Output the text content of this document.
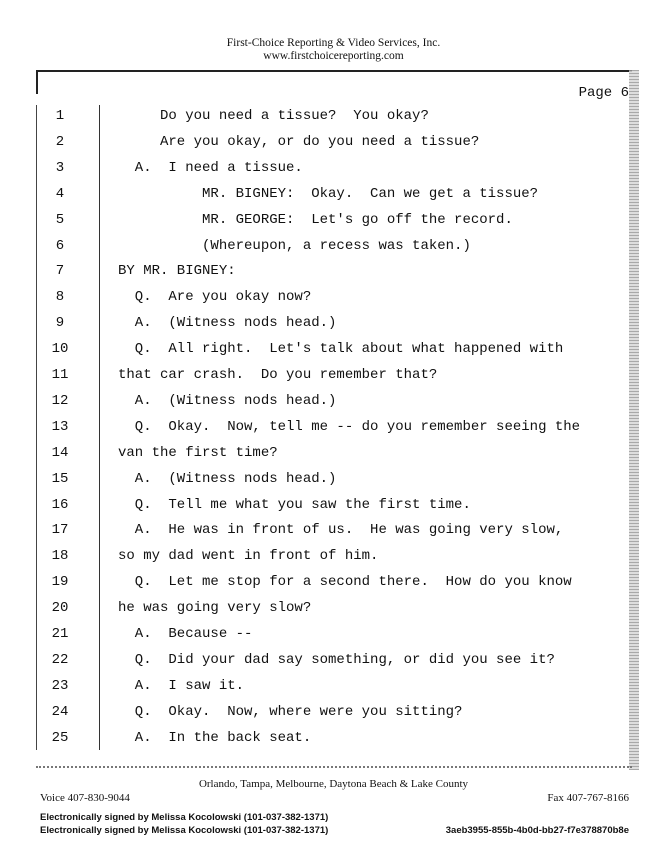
First-Choice Reporting & Video Services, Inc.
www.firstchoicereporting.com
Page 6
1	Do you need a tissue?  You okay?
2	Are you okay, or do you need a tissue?
3	A.  I need a tissue.
4	MR. BIGNEY:  Okay.  Can we get a tissue?
5	MR. GEORGE:  Let's go off the record.
6	(Whereupon, a recess was taken.)
7	BY MR. BIGNEY:
8	Q.  Are you okay now?
9	A.  (Witness nods head.)
10	Q.  All right.  Let's talk about what happened with
11	that car crash.  Do you remember that?
12	A.  (Witness nods head.)
13	Q.  Okay.  Now, tell me -- do you remember seeing the
14	van the first time?
15	A.  (Witness nods head.)
16	Q.  Tell me what you saw the first time.
17	A.  He was in front of us.  He was going very slow,
18	so my dad went in front of him.
19	Q.  Let me stop for a second there.  How do you know
20	he was going very slow?
21	A.  Because --
22	Q.  Did your dad say something, or did you see it?
23	A.  I saw it.
24	Q.  Okay.  Now, where were you sitting?
25	A.  In the back seat.
Orlando, Tampa, Melbourne, Daytona Beach & Lake County
Voice 407-830-9044	Fax 407-767-8166
Electronically signed by Melissa Kocolowski (101-037-382-1371)
Electronically signed by Melissa Kocolowski (101-037-382-1371)	3aeb3955-855b-4b0d-bb27-f7e378870b8e
